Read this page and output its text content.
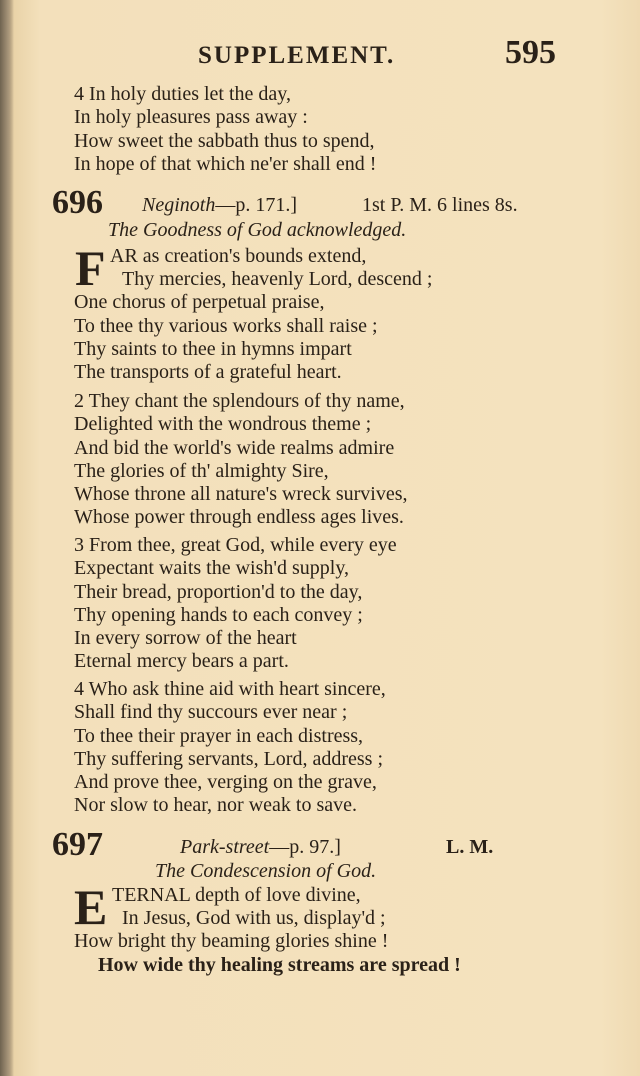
SUPPLEMENT.	595
4 In holy duties let the day,
In holy pleasures pass away :
How sweet the sabbath thus to spend,
In hope of that which ne'er shall end !
696 Neginoth—p. 171.]	1st P. M. 6 lines 8s.
The Goodness of God acknowledged.
F AR as creation's bounds extend,
Thy mercies, heavenly Lord, descend ;
One chorus of perpetual praise,
To thee thy various works shall raise ;
Thy saints to thee in hymns impart
The transports of a grateful heart.
2 They chant the splendours of thy name,
Delighted with the wondrous theme ;
And bid the world's wide realms admire
The glories of th' almighty Sire,
Whose throne all nature's wreck survives,
Whose power through endless ages lives.
3 From thee, great God, while every eye
Expectant waits the wish'd supply,
Their bread, proportion'd to the day,
Thy opening hands to each convey ;
In every sorrow of the heart
Eternal mercy bears a part.
4 Who ask thine aid with heart sincere,
Shall find thy succours ever near ;
To thee their prayer in each distress,
Thy suffering servants, Lord, address ;
And prove thee, verging on the grave,
Nor slow to hear, nor weak to save.
697	Park-street—p. 97.]	L. M.
The Condescension of God.
E TERNAL depth of love divine,
In Jesus, God with us, display'd ;
How bright thy beaming glories shine !
How wide thy healing streams are spread !
